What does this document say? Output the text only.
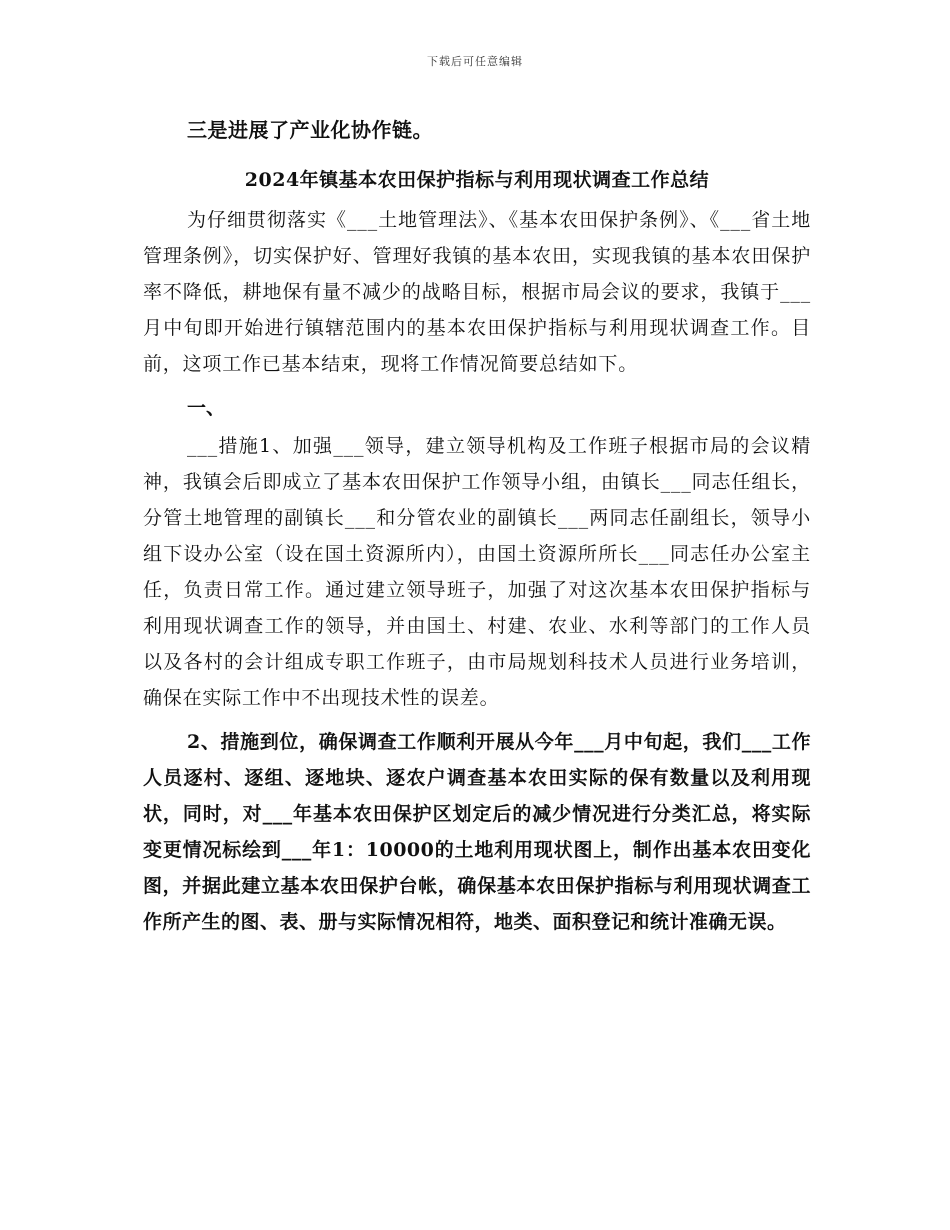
下载后可任意编辑
三是进展了产业化协作链。
2024年镇基本农田保护指标与利用现状调查工作总结

为仔细贯彻落实《___土地管理法》、《基本农田保护条例》、《___省土地管理条例》，切实保护好、管理好我镇的基本农田，实现我镇的基本农田保护率不降低，耕地保有量不减少的战略目标，根据市局会议的要求，我镇于___月中旬即开始进行镇辖范围内的基本农田保护指标与利用现状调查工作。目前，这项工作已基本结束，现将工作情况简要总结如下。

一、

___措施1、加强___领导，建立领导机构及工作班子根据市局的会议精神，我镇会后即成立了基本农田保护工作领导小组，由镇长___同志任组长，分管土地管理的副镇长___和分管农业的副镇长___两同志任副组长，领导小组下设办公室（设在国土资源所内），由国土资源所所长___同志任办公室主任，负责日常工作。通过建立领导班子，加强了对这次基本农田保护指标与利用现状调查工作的领导，并由国土、村建、农业、水利等部门的工作人员以及各村的会计组成专职工作班子，由市局规划科技术人员进行业务培训，确保在实际工作中不出现技术性的误差。

2、措施到位，确保调查工作顺利开展从今年___月中旬起，我们___工作人员逐村、逐组、逐地块、逐农户调查基本农田实际的保有数量以及利用现状，同时，对___年基本农田保护区划定后的减少情况进行分类汇总，将实际变更情况标绘到___年1：10000的土地利用现状图上，制作出基本农田变化图，并据此建立基本农田保护台帐，确保基本农田保护指标与利用现状调查工作所产生的图、表、册与实际情况相符，地类、面积登记和统计准确无误。
